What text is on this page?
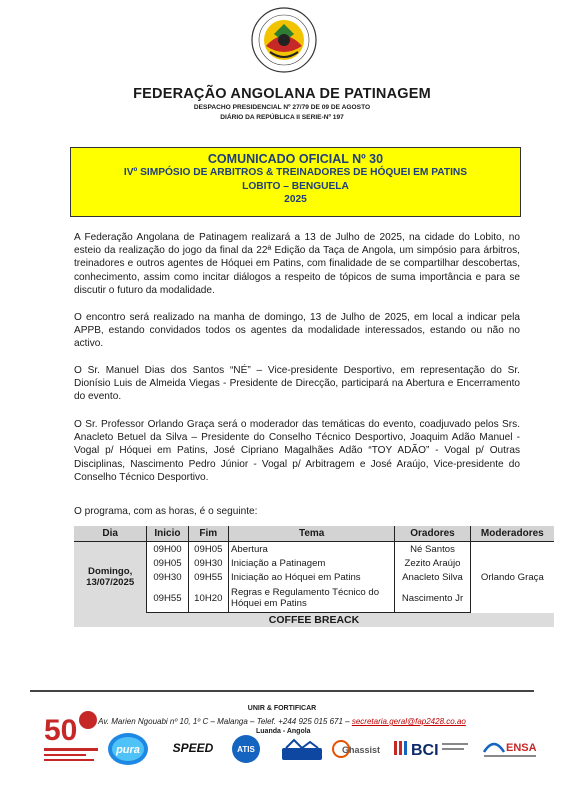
FEDERAÇÃO ANGOLANA DE PATINAGEM
DESPACHO PRESIDENCIAL Nº 27/79 DE 09 DE AGOSTO
DIÁRIO DA REPÚBLICA II SERIE-Nº 197
COMUNICADO OFICIAL Nº 30
IVº SIMPÓSIO DE ARBITROS & TREINADORES DE HÓQUEI EM PATINS
LOBITO – BENGUELA
2025

A Federação Angolana de Patinagem realizará a 13 de Julho de 2025, na cidade do Lobito, no esteio da realização do jogo da final da 22ª Edição da Taça de Angola, um simpósio para árbitros, treinadores e outros agentes de Hóquei em Patins, com finalidade de se compartilhar descobertas, conhecimento, assim como incitar diálogos a respeito de tópicos de suma importância e para se discutir o futuro da modalidade.

O encontro será realizado na manha de domingo, 13 de Julho de 2025, em local a indicar pela APPB, estando convidados todos os agentes da modalidade interessados, estando ou não no activo.

O Sr. Manuel Dias dos Santos “NÉ” – Vice-presidente Desportivo, em representação do Sr. Dionísio Luis de Almeida Viegas - Presidente de Direcção, participará na Abertura e Encerramento do evento.

O Sr. Professor Orlando Graça será o moderador das temáticas do evento, coadjuvado pelos Srs. Anacleto Betuel da Silva – Presidente do Conselho Técnico Desportivo, Joaquim Adão Manuel - Vogal p/ Hóquei em Patins, José Cipriano Magalhães Adão “TOY ADÃO” - Vogal p/ Outras Disciplinas, Nascimento Pedro Júnior - Vogal p/ Arbitragem e José Araújo, Vice-presidente do Conselho Técnico Desportivo.

O programa, com as horas, é o seguinte:

Dia	Inicio	Fim	Tema	Oradores	Moderadores
Domingo, 13/07/2025	09H00	09H05	Abertura	Né Santos	Orlando Graça
	09H05	09H30	Iniciação a Patinagem	Zezito Araújo	
	09H30	09H55	Iniciação ao Hóquei em Patins	Anacleto Silva	
	09H55	10H20	Regras e Regulamento Técnico do Hóquei em Patins	Nascimento Jr	
COFFEE BREACK					
UNIR & FORTIFICAR
Av. Marien Ngouabi nº 10, 1º C – Malanga – Telef. +244 925 015 671 – secretaria.geral@fap2428.co.ao
Luanda - Angola
50
pura	SPEED	ATIS	Ghassist BCI	ENSA
